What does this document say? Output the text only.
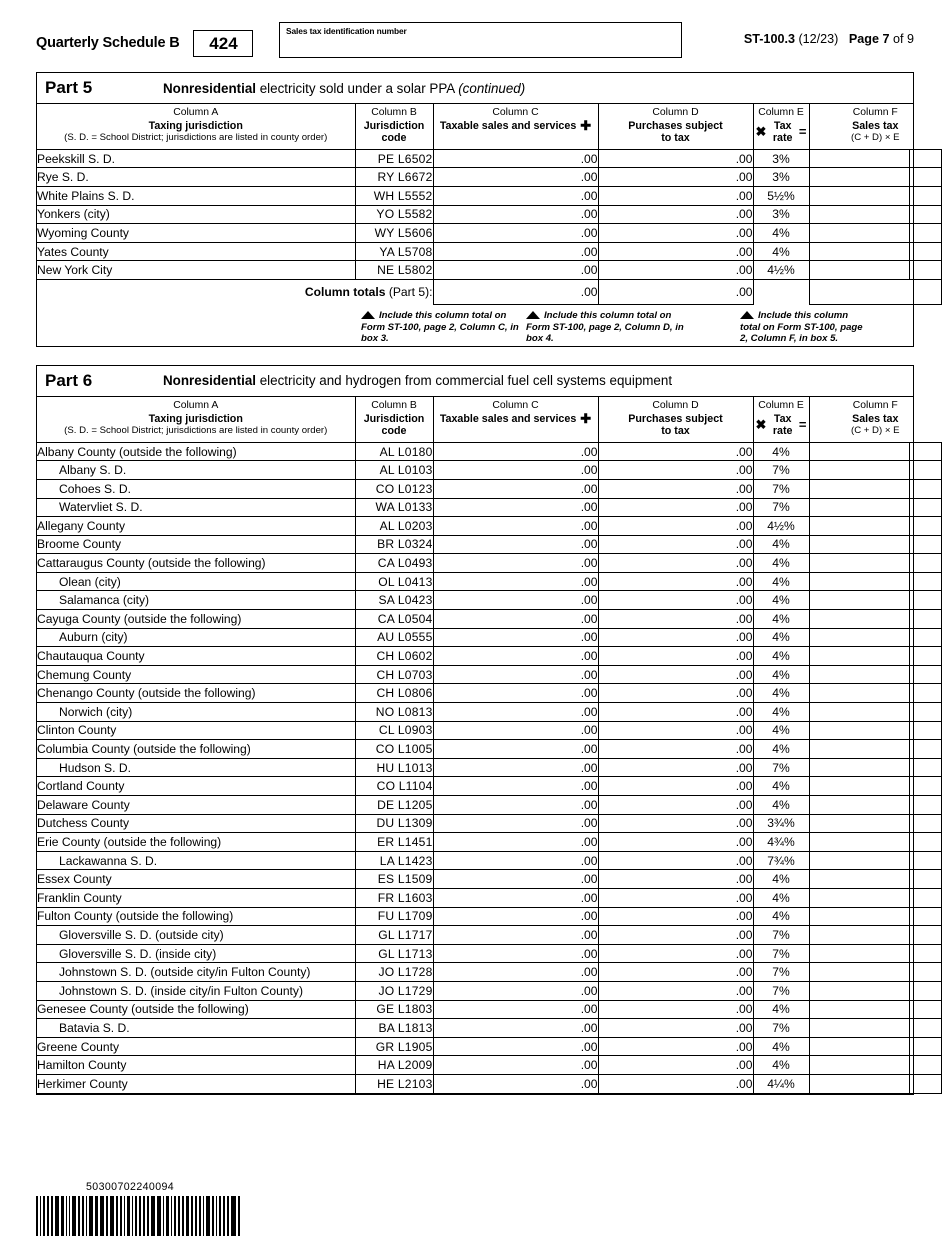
Quarterly Schedule B	424
Sales tax identification number
ST-100.3 (12/23) Page 7 of 9
Part 5	Nonresidential electricity sold under a solar PPA (continued)
Column A
Taxing jurisdiction
(S. D. = School District; jurisdictions are listed in county order)

Column B
Jurisdiction
code

Column C
Taxable sales and services ✚

Column D
Purchases subject
to tax

Column E
✖ Tax rate =

Column F
Sales tax
(C + D) × E

Peekskill S. D.	PE L6502	.00	.00	3%		
Rye S. D.	RY L6672	.00	.00	3%		
White Plains S. D.	WH L5552	.00	.00	5½%		
Yonkers (city)	YO L5582	.00	.00	3%		
Wyoming County	WY L5606	.00	.00	4%		
Yates County	YA L5708	.00	.00	4%		
New York City	NE L5802	.00	.00	4½%		
Column totals (Part 5):	.00	.00		
Include this column total on Form ST-100, page 2, Column C, in box 3.
Include this column total on Form ST-100, page 2, Column D, in box 4.
Include this column total on Form ST-100, page 2, Column F, in box 5.
Part 6	Nonresidential electricity and hydrogen from commercial fuel cell systems equipment
Column A
Taxing jurisdiction
(S. D. = School District; jurisdictions are listed in county order)

Column B
Jurisdiction
code

Column C
Taxable sales and services ✚

Column D
Purchases subject
to tax

Column E
✖ Tax rate =

Column F
Sales tax
(C + D) × E

Albany County (outside the following)	AL L0180	.00	.00	4%		
Albany S. D.	AL L0103	.00	.00	7%		
Cohoes S. D.	CO L0123	.00	.00	7%		
Watervliet S. D.	WA L0133	.00	.00	7%		
Allegany County	AL L0203	.00	.00	4½%		
Broome County	BR L0324	.00	.00	4%		
Cattaraugus County (outside the following)	CA L0493	.00	.00	4%		
Olean (city)	OL L0413	.00	.00	4%		
Salamanca (city)	SA L0423	.00	.00	4%		
Cayuga County (outside the following)	CA L0504	.00	.00	4%		
Auburn (city)	AU L0555	.00	.00	4%		
Chautauqua County	CH L0602	.00	.00	4%		
Chemung County	CH L0703	.00	.00	4%		
Chenango County (outside the following)	CH L0806	.00	.00	4%		
Norwich (city)	NO L0813	.00	.00	4%		
Clinton County	CL L0903	.00	.00	4%		
Columbia County (outside the following)	CO L1005	.00	.00	4%		
Hudson S. D.	HU L1013	.00	.00	7%		
Cortland County	CO L1104	.00	.00	4%		
Delaware County	DE L1205	.00	.00	4%		
Dutchess County	DU L1309	.00	.00	3¾%		
Erie County (outside the following)	ER L1451	.00	.00	4¾%		
Lackawanna S. D.	LA L1423	.00	.00	7¾%		
Essex County	ES L1509	.00	.00	4%		
Franklin County	FR L1603	.00	.00	4%		
Fulton County (outside the following)	FU L1709	.00	.00	4%		
Gloversville S. D. (outside city)	GL L1717	.00	.00	7%		
Gloversville S. D. (inside city)	GL L1713	.00	.00	7%		
Johnstown S. D. (outside city/in Fulton County)	JO L1728	.00	.00	7%		
Johnstown S. D. (inside city/in Fulton County)	JO L1729	.00	.00	7%		
Genesee County (outside the following)	GE L1803	.00	.00	4%		
Batavia S. D.	BA L1813	.00	.00	7%		
Greene County	GR L1905	.00	.00	4%		
Hamilton County	HA L2009	.00	.00	4%		
Herkimer County	HE L2103	.00	.00	4¼%		
50300702240094
